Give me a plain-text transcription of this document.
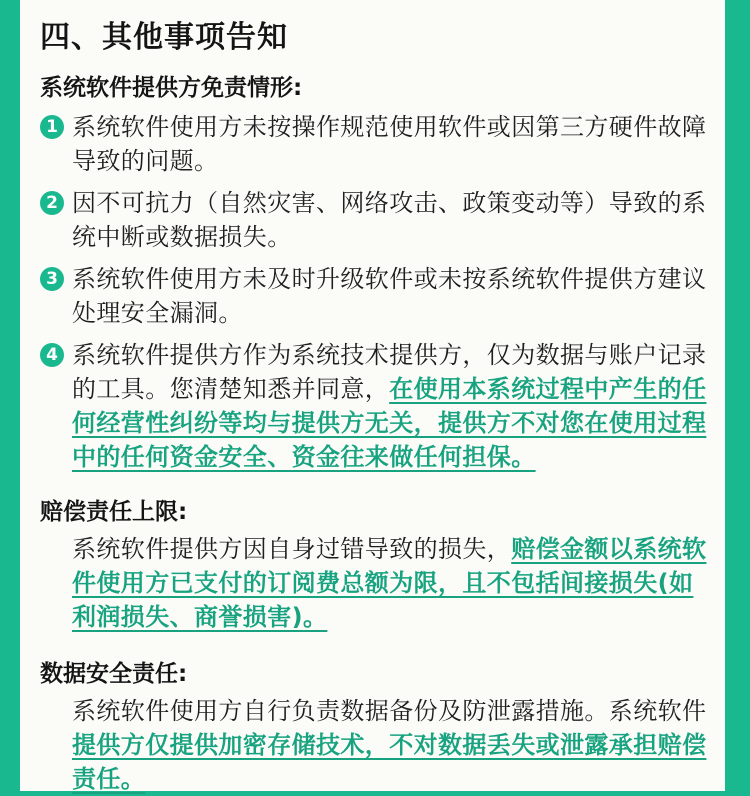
四、其他事项告知
系统软件提供方免责情形:
1 系统软件使用方未按操作规范使用软件或因第三方硬件故障导致的问题。
2 因不可抗力（自然灾害、网络攻击、政策变动等）导致的系统中断或数据损失。
3 系统软件使用方未及时升级软件或未按系统软件提供方建议处理安全漏洞。
4 系统软件提供方作为系统技术提供方，仅为数据与账户记录的工具。您清楚知悉并同意，在使用本系统过程中产生的任何经营性纠纷等均与提供方无关，提供方不对您在使用过程中的任何资金安全、资金往来做任何担保。
赔偿责任上限:
系统软件提供方因自身过错导致的损失，赔偿金额以系统软件使用方已支付的订阅费总额为限，且不包括间接损失(如利润损失、商誉损害)。
数据安全责任:
系统软件使用方自行负责数据备份及防泄露措施。系统软件提供方仅提供加密存储技术，不对数据丢失或泄露承担赔偿责任。
